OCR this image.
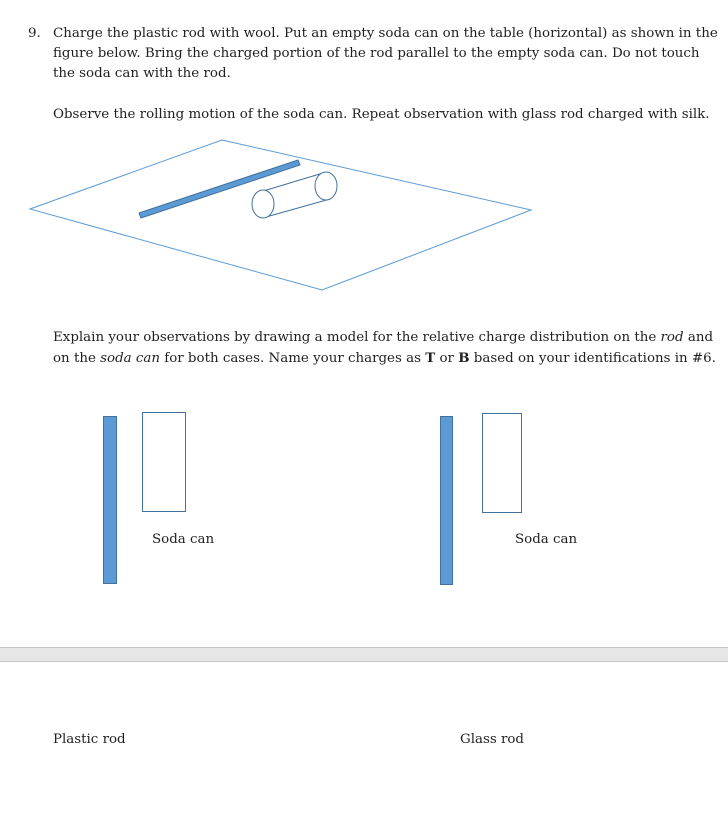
9. Charge the plastic rod with wool. Put an empty soda can on the table (horizontal) as shown in the figure below. Bring the charged portion of the rod parallel to the empty soda can. Do not touch the soda can with the rod.
Observe the rolling motion of the soda can. Repeat observation with glass rod charged with silk.
Explain your observations by drawing a model for the relative charge distribution on the rod and on the soda can for both cases. Name your charges as T or B based on your identifications in #6.
Soda can	Soda can
Plastic rod	Glass rod
